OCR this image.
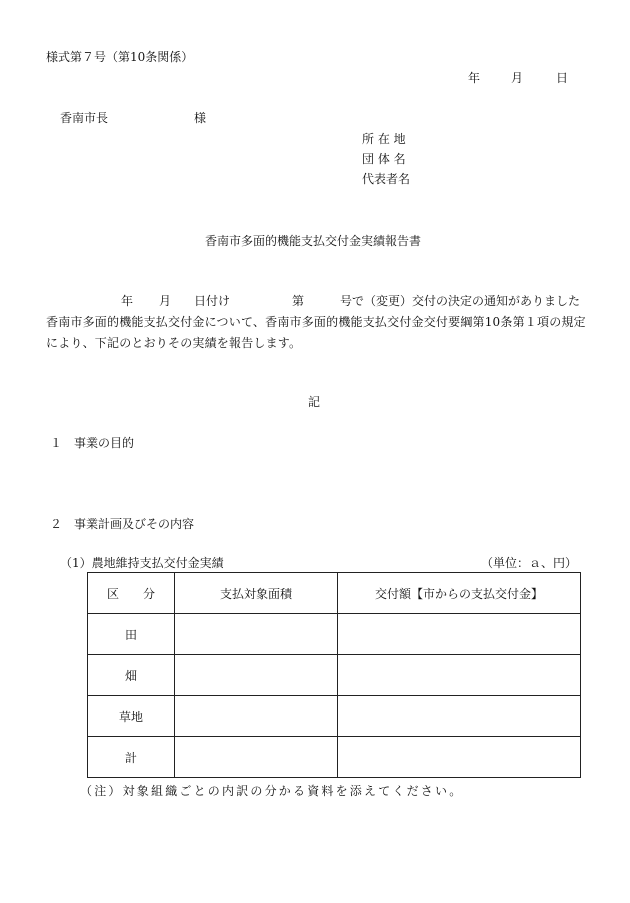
様式第７号（第10条関係）
年	月	日
香南市長	様
所 在 地
団 体 名
代表者名
香南市多面的機能支払交付金実績報告書
年 月 日付け	第	号で（変更）交付の決定の通知がありました
香南市多面的機能支払交付金について、香南市多面的機能支払交付金交付要綱第10条第１項の規定
により、下記のとおりその実績を報告します。
記
１　事業の目的
２　事業計画及びその内容
（1）農地維持支払交付金実績	（単位：ａ、円）
区　　分	支払対象面積	交付額【市からの支払交付金】
田		
畑		
草地		
計		
（注）対象組織ごとの内訳の分かる資料を添えてください。
